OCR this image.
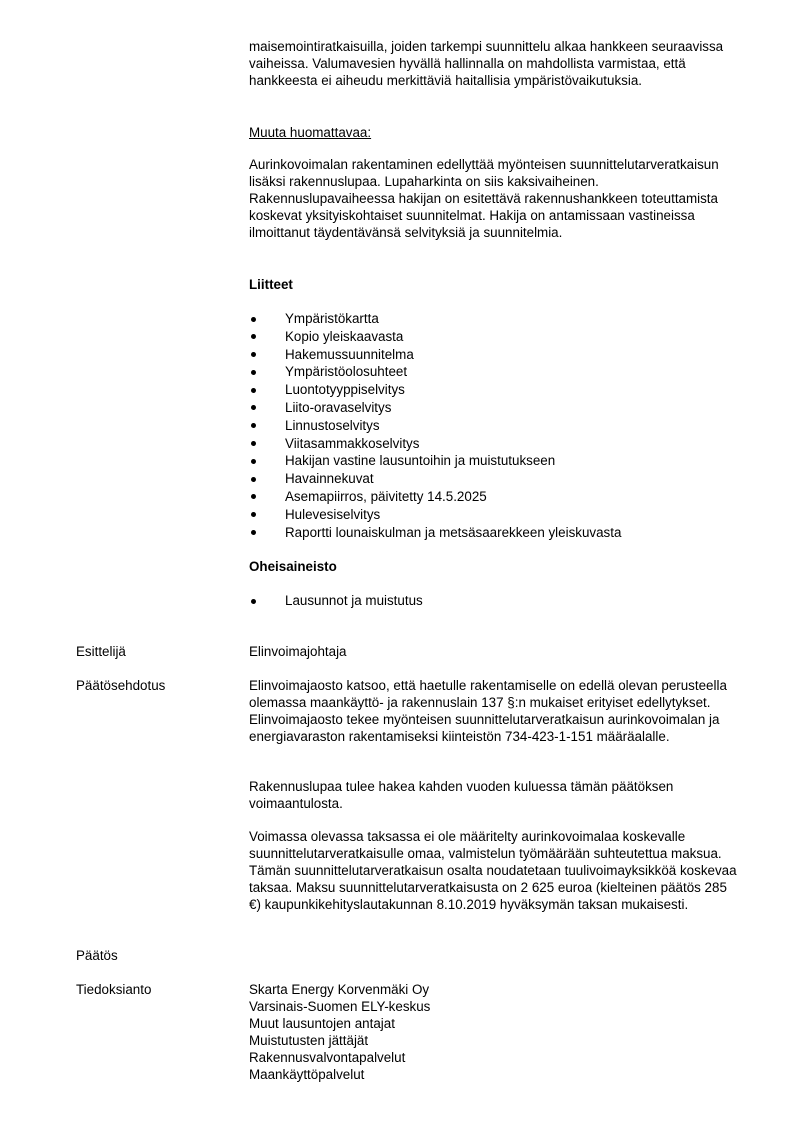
maisemointiratkaisuilla, joiden tarkempi suunnittelu alkaa hankkeen seuraavissa vaiheissa. Valumavesien hyvällä hallinnalla on mahdollista varmistaa, että hankkeesta ei aiheudu merkittäviä haitallisia ympäristövaikutuksia.

Muuta huomattavaa:

Aurinkovoimalan rakentaminen edellyttää myönteisen suunnittelutarveratkaisun lisäksi rakennuslupaa. Lupaharkinta on siis kaksivaiheinen. Rakennuslupavaiheessa hakijan on esitettävä rakennushankkeen toteuttamista koskevat yksityiskohtaiset suunnitelmat. Hakija on antamissaan vastineissa ilmoittanut täydentävänsä selvityksiä ja suunnitelmia.

Liitteet

Ympäristökartta
Kopio yleiskaavasta
Hakemussuunnitelma
Ympäristöolosuhteet
Luontotyyppiselvitys
Liito-oravaselvitys
Linnustoselvitys
Viitasammakkoselvitys
Hakijan vastine lausuntoihin ja muistutukseen
Havainnekuvat
Asemapiirros, päivitetty 14.5.2025
Hulevesiselvitys
Raportti lounaiskulman ja metsäsaarekkeen yleiskuvasta

Oheisaineisto

Lausunnot ja muistutus
Esittelijä	Elinvoimajohtaja
Päätösehdotus	Elinvoimajaosto katsoo, että haetulle rakentamiselle on edellä olevan perusteella olemassa maankäyttö- ja rakennuslain 137 §:n mukaiset erityiset edellytykset. Elinvoimajaosto tekee myönteisen suunnittelutarveratkaisun aurinkovoimalan ja energiavaraston rakentamiseksi kiinteistön 734-423-1-151 määräalalle.

Rakennuslupaa tulee hakea kahden vuoden kuluessa tämän päätöksen voimaantulosta.

Voimassa olevassa taksassa ei ole määritelty aurinkovoimalaa koskevalle suunnittelutarveratkaisulle omaa, valmistelun työmäärään suhteutettua maksua. Tämän suunnittelutarveratkaisun osalta noudatetaan tuulivoimayksikköä koskevaa taksaa. Maksu suunnittelutarveratkaisusta on 2 625 euroa (kielteinen päätös 285 €) kaupunkikehityslautakunnan 8.10.2019 hyväksymän taksan mukaisesti.

Päätös
Tiedoksianto	Skarta Energy Korvenmäki Oy
Varsinais-Suomen ELY-keskus
Muut lausuntojen antajat
Muistutusten jättäjät
Rakennusvalvontapalvelut
Maankäyttöpalvelut
